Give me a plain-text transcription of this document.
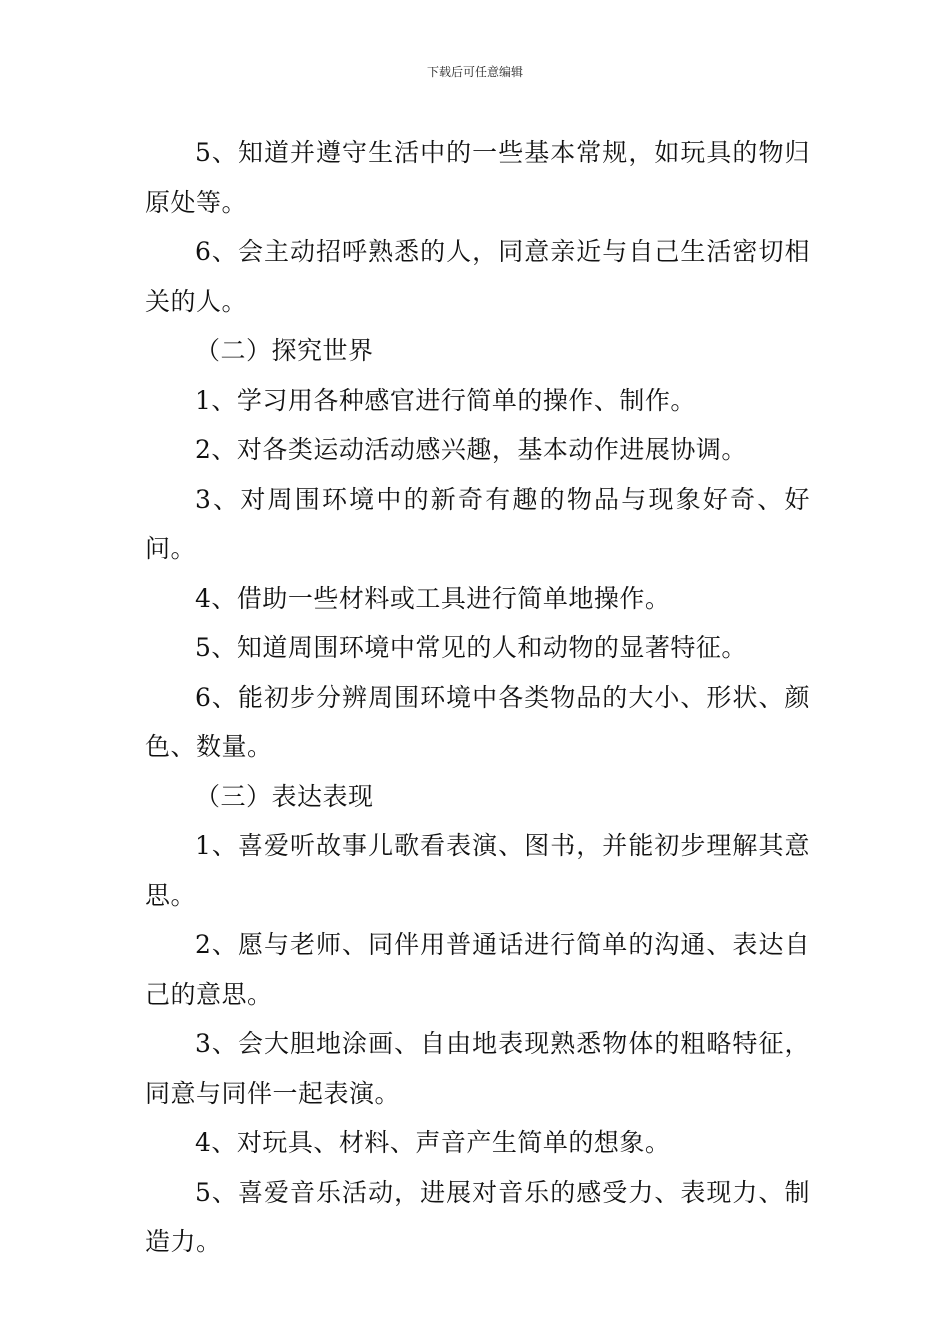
下载后可任意编辑

5、知道并遵守生活中的一些基本常规，如玩具的物归原处等。

6、会主动招呼熟悉的人，同意亲近与自己生活密切相关的人。

（二）探究世界

1、学习用各种感官进行简单的操作、制作。

2、对各类运动活动感兴趣，基本动作进展协调。

3、对周围环境中的新奇有趣的物品与现象好奇、好问。

4、借助一些材料或工具进行简单地操作。

5、知道周围环境中常见的人和动物的显著特征。

6、能初步分辨周围环境中各类物品的大小、形状、颜色、数量。

（三）表达表现

1、喜爱听故事儿歌看表演、图书，并能初步理解其意思。

2、愿与老师、同伴用普通话进行简单的沟通、表达自己的意思。

3、会大胆地涂画、自由地表现熟悉物体的粗略特征，同意与同伴一起表演。

4、对玩具、材料、声音产生简单的想象。

5、喜爱音乐活动，进展对音乐的感受力、表现力、制造力。
